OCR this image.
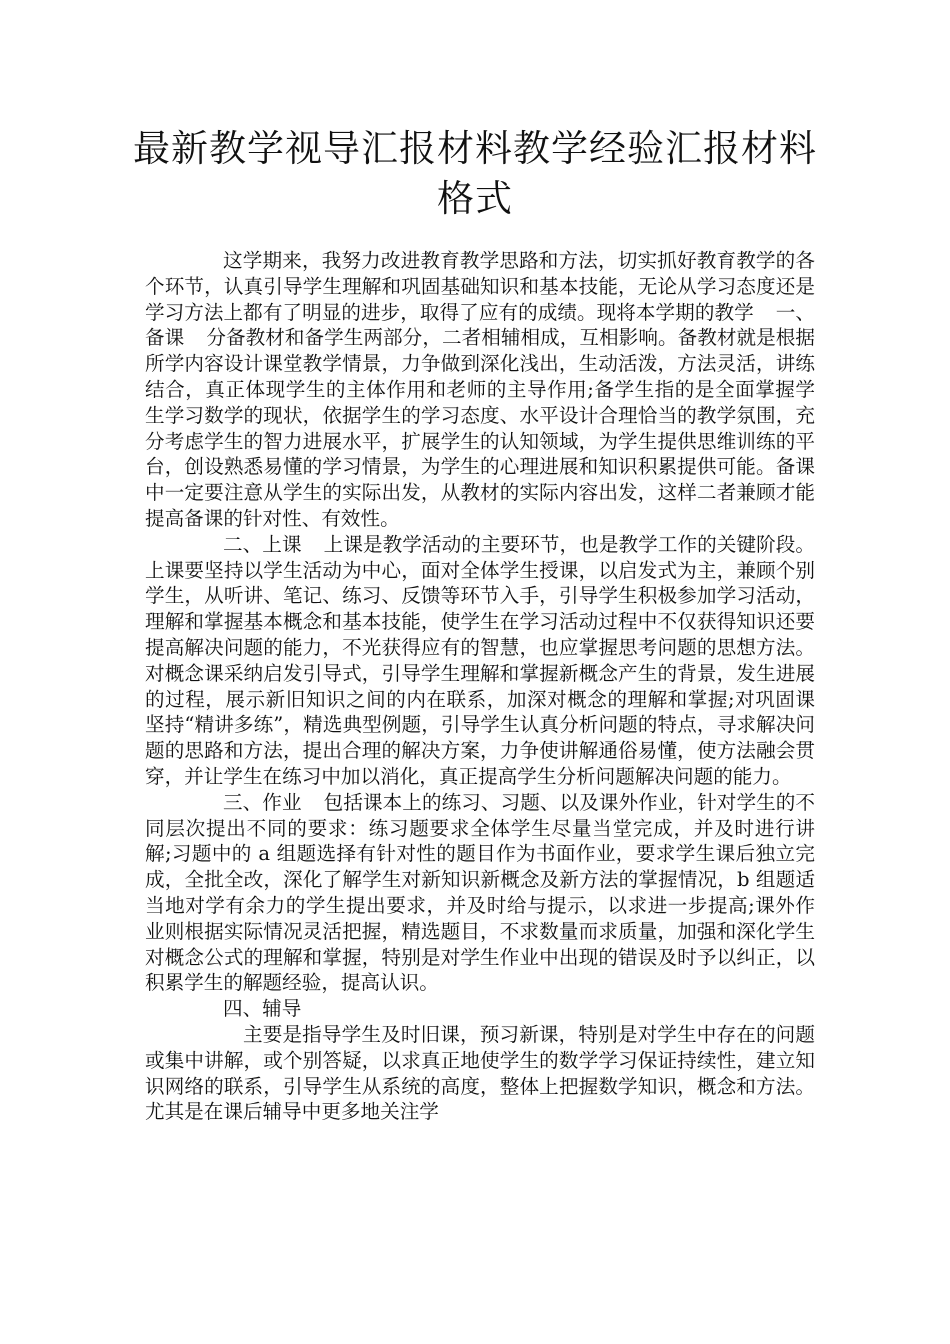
最新教学视导汇报材料教学经验汇报材料
格式

这学期来，我努力改进教育教学思路和方法，切实抓好教育教学的各个环节，认真引导学生理解和巩固基础知识和基本技能，无论从学习态度还是学习方法上都有了明显的进步，取得了应有的成绩。现将本学期的教学 一、备课 分备教材和备学生两部分，二者相辅相成，互相影响。备教材就是根据所学内容设计课堂教学情景，力争做到深化浅出，生动活泼，方法灵活，讲练结合，真正体现学生的主体作用和老师的主导作用;备学生指的是全面掌握学生学习数学的现状，依据学生的学习态度、水平设计合理恰当的教学氛围，充分考虑学生的智力进展水平，扩展学生的认知领域，为学生提供思维训练的平台，创设熟悉易懂的学习情景，为学生的心理进展和知识积累提供可能。备课中一定要注意从学生的实际出发，从教材的实际内容出发，这样二者兼顾才能提高备课的针对性、有效性。

二、上课 上课是教学活动的主要环节，也是教学工作的关键阶段。上课要坚持以学生活动为中心，面对全体学生授课，以启发式为主，兼顾个别学生，从听讲、笔记、练习、反馈等环节入手，引导学生积极参加学习活动，理解和掌握基本概念和基本技能，使学生在学习活动过程中不仅获得知识还要提高解决问题的能力，不光获得应有的智慧，也应掌握思考问题的思想方法。对概念课采纳启发引导式，引导学生理解和掌握新概念产生的背景，发生进展的过程，展示新旧知识之间的内在联系，加深对概念的理解和掌握;对巩固课坚持“精讲多练”，精选典型例题，引导学生认真分析问题的特点，寻求解决问题的思路和方法，提出合理的解决方案，力争使讲解通俗易懂，使方法融会贯穿，并让学生在练习中加以消化，真正提高学生分析问题解决问题的能力。

三、作业 包括课本上的练习、习题、以及课外作业，针对学生的不同层次提出不同的要求：练习题要求全体学生尽量当堂完成，并及时进行讲解;习题中的 a 组题选择有针对性的题目作为书面作业，要求学生课后独立完成，全批全改，深化了解学生对新知识新概念及新方法的掌握情况，b 组题适当地对学有余力的学生提出要求，并及时给与提示，以求进一步提高;课外作业则根据实际情况灵活把握，精选题目，不求数量而求质量，加强和深化学生对概念公式的理解和掌握，特别是对学生作业中出现的错误及时予以纠正，以积累学生的解题经验，提高认识。

四、辅导

主要是指导学生及时旧课，预习新课，特别是对学生中存在的问题或集中讲解，或个别答疑，以求真正地使学生的数学学习保证持续性，建立知识网络的联系，引导学生从系统的高度，整体上把握数学知识，概念和方法。尤其是在课后辅导中更多地关注学
